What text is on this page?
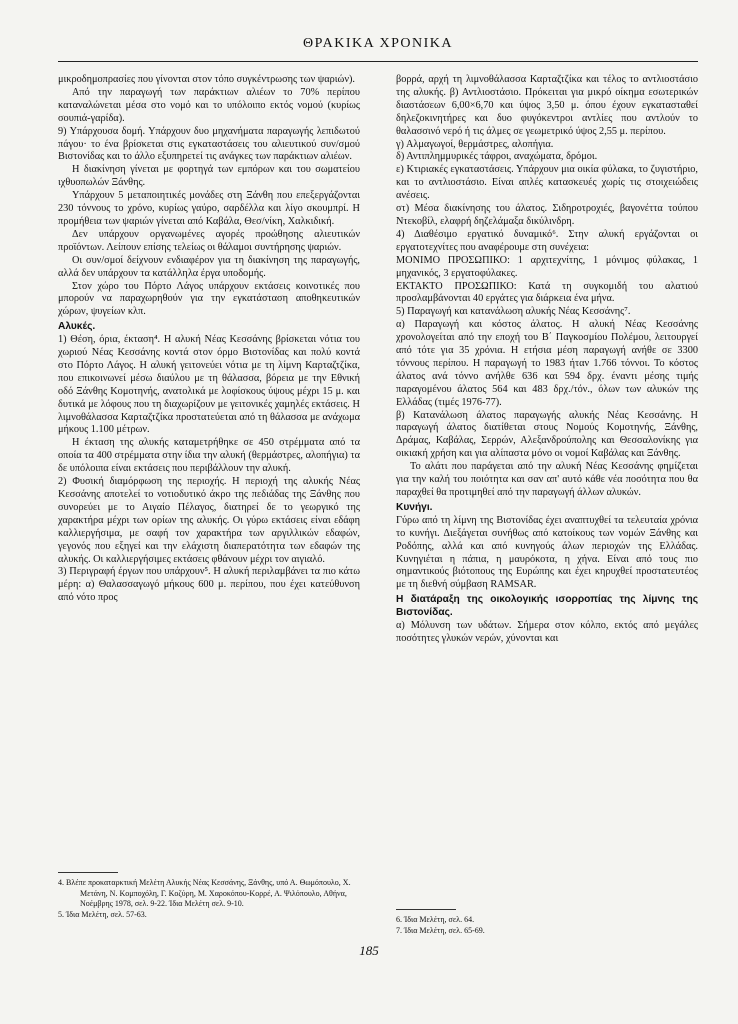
ΘΡΑΚΙΚΑ ΧΡΟΝΙΚΑ

μικροδημοπρασίες που γίνονται στον τόπο συγκέντρωσης των ψαριών).

Από την παραγωγή των παράκτιων αλιέων το 70% περίπου καταναλώνεται μέσα στο νομό και το υπόλοιπο εκτός νομού (κυρίως σουπιά-γαρίδα).

9) Υπάρχουσα δομή. Υπάρχουν δυο μηχανήματα παραγωγής λεπιδωτού πάγου· το ένα βρίσκεται στις εγκαταστάσεις του αλιευτικού συν/σμού Βιστονίδας και το άλλο εξυπηρετεί τις ανάγκες των παράκτιων αλιέων.

Η διακίνηση γίνεται με φορτηγά των εμπόρων και του σωματείου ιχθυοπωλών Ξάνθης.

Υπάρχουν 5 μεταποιητικές μονάδες στη Ξάνθη που επεξεργάζονται 230 τόννους το χρόνο, κυρίως γαύρο, σαρδέλλα και λίγο σκουμπρί. Η προμήθεια των ψαριών γίνεται από Καβάλα, Θεσ/νίκη, Χαλκιδική.

Δεν υπάρχουν οργανωμένες αγορές προώθησης αλιευτικών προϊόντων. Λείπουν επίσης τελείως οι θάλαμοι συντήρησης ψαριών.

Οι συν/σμοί δείχνουν ενδιαφέρον για τη διακίνηση της παραγωγής, αλλά δεν υπάρχουν τα κατάλληλα έργα υποδομής.

Στον χώρο του Πόρτο Λάγος υπάρχουν εκτάσεις κοινοτικές που μπορούν να παραχωρηθούν για την εγκατάσταση αποθηκευτικών χώρων, ψυγείων κλπ.

Αλυκές.

1) Θέση, όρια, έκταση⁴. Η αλυκή Νέας Κεσσάνης βρίσκεται νότια του χωριού Νέας Κεσσάνης κοντά στον όρμο Βιστονίδας και πολύ κοντά στο Πόρτο Λάγος. Η αλυκή γειτονεύει νότια με τη λίμνη Καρταζτζίκα, που επικοινωνεί μέσω διαύλου με τη θάλασσα, βόρεια με την Εθνική οδό Ξάνθης Κομοτηνής, ανατολικά με λοφίσκους ύψους μέχρι 15 μ. και δυτικά με λόφους που τη διαχωρίζουν με γειτονικές χαμηλές εκτάσεις. Η λιμνοθάλασσα Καρταζτζίκα προστατεύεται από τη θάλασσα με ανάχωμα μήκους 1.100 μέτρων.

Η έκταση της αλυκής καταμετρήθηκε σε 450 στρέμματα από τα οποία τα 400 στρέμματα στην ίδια την αλυκή (θερμάστρες, αλοπήγια) τα δε υπόλοιπα είναι εκτάσεις που περιβάλλουν την αλυκή.

2) Φυσική διαμόρφωση της περιοχής. Η περιοχή της αλυκής Νέας Κεσσάνης αποτελεί το νοτιοδυτικό άκρο της πεδιάδας της Ξάνθης που συνορεύει με το Αιγαίο Πέλαγος, διατηρεί δε το γεωργικό της χαρακτήρα μέχρι των ορίων της αλυκής. Οι γύρω εκτάσεις είναι εδάφη καλλιεργήσιμα, με σαφή τον χαρακτήρα των αργιλλικών εδαφών, γεγονός που εξηγεί και την ελάχιστη διαπερατότητα των εδαφών της αλυκής. Οι καλλιεργήσιμες εκτάσεις φθάνουν μέχρι τον αιγιαλό.

3) Περιγραφή έργων που υπάρχουν⁵. Η αλυκή περιλαμβάνει τα πιο κάτω μέρη: α) Θαλασσαγωγό μήκους 600 μ. περίπου, που έχει κατεύθυνση από νότο προς

βορρά, αρχή τη λιμνοθάλασσα Καρταζτζίκα και τέλος το αντλιοστάσιο της αλυκής. β) Αντλιοστάσιο. Πρόκειται για μικρό οίκημα εσωτερικών διαστάσεων 6,00×6,70 και ύψος 3,50 μ. όπου έχουν εγκατασταθεί δηλεζοκινητήρες και δυο φυγόκεντροι αντλίες που αντλούν το θαλασσινό νερό ή τις άλμες σε γεωμετρικό ύψος 2,55 μ. περίπου.

γ) Αλμαγωγοί, θερμάστρες, αλοπήγια.

δ) Αντιπλημμυρικές τάφροι, αναχώματα, δρόμοι.

ε) Κτιριακές εγκαταστάσεις. Υπάρχουν μια οικία φύλακα, το ζυγιστήριο, και το αντλιοστάσιο. Είναι απλές κατασκευές χωρίς τις στοιχειώδεις ανέσεις.

στ) Μέσα διακίνησης του άλατος. Σιδηροτροχιές, βαγονέττα τούπου Ντεκοβίλ, ελαφρή δηζελάμαξα δικύλινδρη.

4) Διαθέσιμο εργατικό δυναμικό⁶. Στην αλυκή εργάζονται οι εργατοτεχνίτες που αναφέρουμε στη συνέχεια:

ΜΟΝΙΜΟ ΠΡΟΣΩΠΙΚΟ: 1 αρχιτεχνίτης, 1 μόνιμος φύλακας, 1 μηχανικός, 3 εργατοφύλακες.

ΕΚΤΑΚΤΟ ΠΡΟΣΩΠΙΚΟ: Κατά τη συγκομιδή του αλατιού προσλαμβάνονται 40 εργάτες για διάρκεια ένα μήνα.

5) Παραγωγή και κατανάλωση αλυκής Νέας Κεσσάνης⁷.

α) Παραγωγή και κόστος άλατος. Η αλυκή Νέας Κεσσάνης χρονολογείται από την εποχή του Β΄ Παγκοσμίου Πολέμου, λειτουργεί από τότε για 35 χρόνια. Η ετήσια μέση παραγωγή ανήθε σε 3300 τόννους περίπου. Η παραγωγή το 1983 ήταν 1.766 τόννοι. Το κόστος άλατος ανά τόννο ανήλθε 636 και 594 δρχ. έναντι μέσης τιμής παραγομένου άλατος 564 και 483 δρχ./τόν., όλων των αλυκών της Ελλάδας (τιμές 1976-77).

β) Κατανάλωση άλατος παραγωγής αλυκής Νέας Κεσσάνης. Η παραγωγή άλατος διατίθεται στους Νομούς Κομοτηνής, Ξάνθης, Δράμας, Καβάλας, Σερρών, Αλεξανδρούπολης και Θεσσαλονίκης για οικιακή χρήση και για αλίπαστα μόνο οι νομοί Καβάλας και Ξάνθης.

Το αλάτι που παράγεται από την αλυκή Νέας Κεσσάνης φημίζεται για την καλή του ποιότητα και σαν απ' αυτό κάθε νέα ποσότητα που θα παραχθεί θα προτιμηθεί από την παραγωγή άλλων αλυκών.

Κυνήγι.

Γύρω από τη λίμνη της Βιστονίδας έχει αναπτυχθεί τα τελευταία χρόνια το κυνήγι. Διεξάγεται συνήθως από κατοίκους των νομών Ξάνθης και Ροδόπης, αλλά και από κυνηγούς άλων περιοχών της Ελλάδας. Κυνηγιέται η πάπια, η μαυρόκοτα, η χήνα. Είναι από τους πιο σημαντικούς βιότοπους της Ευρώπης και έχει κηρυχθεί προστατευτέος με τη διεθνή σύμβαση RAMSAR.

Η διατάραξη της οικολογικής ισορροπίας της λίμνης της Βιστονίδας.

α) Μόλυνση των υδάτων. Σήμερα στον κόλπο, εκτός από μεγάλες ποσότητες γλυκών νερών, χύνονται και

4. Βλέπε προκαταρκτική Μελέτη Αλυκής Νέας Κεσσάνης, Ξάνθης, υπό Α. Θωμόπουλο, Χ. Μετάνη, Ν. Κομποχόλη, Γ. Κοζύρη, Μ. Χαροκόπου-Κορρέ, Α. Ψιλόπουλο, Αθήνα, Νοέμβρης 1978, σελ. 9-22. Ίδια Μελέτη σελ. 9-10.

5. Ίδια Μελέτη, σελ. 57-63.

6. Ίδια Μελέτη, σελ. 64.

7. Ίδια Μελέτη, σελ. 65-69.

185
